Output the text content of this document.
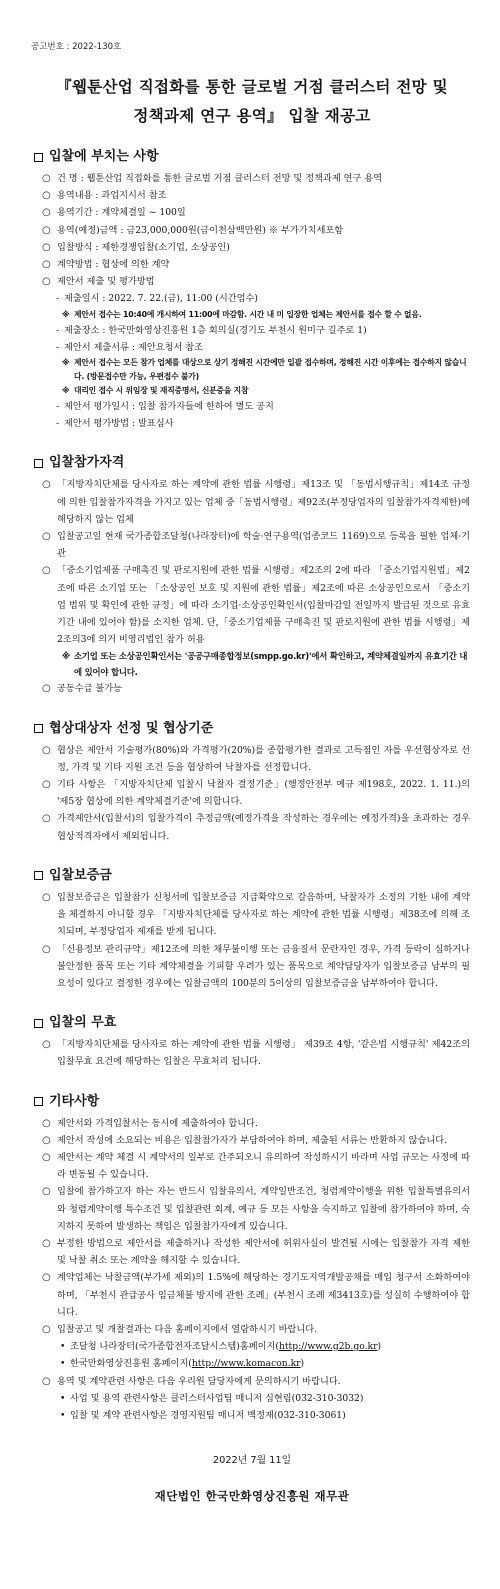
공고번호 : 2022-130호
『웹툰산업 직접화를 통한 글로벌 거점 클러스터 전망 및
정책과제 연구 용역』 입찰 재공고
입찰에 부치는 사항
○ 건 명 : 웹툰산업 직접화를 통한 글로벌 거점 클러스터 전망 및 정책과제 연구 용역
○ 용역내용 : 과업지시서 참조
○ 용역기간 : 계약체결일 ~ 100일
○ 용역(예정)금액 : 금23,000,000원(금이천삼백만원) ※ 부가가치세포함
○ 입찰방식 : 제한경쟁입찰(소기업, 소상공인)
○ 계약방법 : 협상에 의한 계약
○ 제안서 제출 및 평가방법
- 제출일시 : 2022. 7. 22.(금), 11:00 (시간엄수)
※ 제안서 접수는 10:40에 개시하여 11:00에 마감함. 시간 내 미 입장한 업체는 제안서를 접수 할 수 없음.
- 제출장소 : 한국만화영상진흥원 1층 회의실(경기도 부천시 원미구 길주로 1)
- 제안서 제출서류 : 제안요청서 참조
※ 제안서 접수는 모든 참가 업체를 대상으로 상기 정해진 시간에만 일괄 접수하며, 정해진 시간 이후에는 접수하지 않습니다. (방문접수만 가능, 우편접수 불가)
※ 대리인 접수 시 위임장 및 재직증명서, 신분증을 지참
- 제안서 평가일시 : 입찰 참가자들에 한하여 별도 공지
- 제안서 평가방법 : 발표심사
입찰참가자격
○ 「지방자치단체를 당사자로 하는 계약에 관한 법률 시행령」제13조 및 「동법시행규칙」제14조 규정에 의한 입찰참가자격을 가지고 있는 업체 중「동법시행령」제92조(부정당업자의 입찰참가자격제한)에 해당하지 않는 업체
○ 입찰공고일 현재 국가종합조달청(나라장터)에 학술·연구용역(업종코드 1169)으로 등록을 필한 업체·기관
○ 「중소기업제품 구매촉진 및 판로지원에 관한 법률 시행령」제2조의 2에 따라 「중소기업지원법」제2조에 따른 소기업 또는 「소상공인 보호 및 지원에 관한 법률」제2조에 따른 소상공인으로서 「중소기업 범위 및 확인에 관한 규정」에 따라 소기업·소상공인확인서(입찰마감일 전일까지 발급된 것으로 유효기간 내에 있어야 함)를 소지한 업체. 단,「중소기업제품 구매촉진 및 판로지원에 관한 법률 시행령」제2조의3에 의거 비영리법인 참가 허용
※ 소기업 또는 소상공인확인서는 '공공구매종합정보(smpp.go.kr)'에서 확인하고, 계약체결일까지 유효기간 내에 있어야 합니다.
○ 공동수급 불가능
협상대상자 선정 및 협상기준
○ 협상은 제안서 기술평가(80%)와 가격평가(20%)를 종합평가한 결과로 고득점인 자를 우선협상자로 선정, 가격 및 기타 지원 조건 등을 협상하여 낙찰자를 선정합니다.
○ 기타 사항은 「지방자치단체 입찰시 낙찰자 결정기준」(행정안전부 예규 제198호, 2022. 1. 11.)의 '제5장 협상에 의한 계약체결기준'에 의합니다.
○ 가격제안서(입찰서)의 입찰가격이 추정금액(예정가격을 작성하는 경우에는 예정가격)을 초과하는 경우 협상적격자에서 제외됩니다.
입찰보증금
○ 입찰보증금은 입찰참가 신청서에 입찰보증금 지급확약으로 갈음하며, 낙찰자가 소정의 기한 내에 계약을 체결하지 아니할 경우 「지방자치단체를 당사자로 하는 계약에 관한 법률 시행령」제38조에 의해 조치되며, 부정당업자 제재를 받게 됩니다.
○ 「신용정보 관리규약」제12조에 의한 채무불이행 또는 금융질서 문란자인 경우, 가격 등락이 심하거나 불안정한 품목 또는 기타 계약체결을 기피할 우려가 있는 품목으로 계약담당자가 입찰보증금 납부의 필요성이 있다고 결정한 경우에는 입찰금액의 100분의 5이상의 입찰보증금을 납부하여야 합니다.
입찰의 무효
○ 「지방자치단체를 당사자로 하는 계약에 관한 법률 시행령」 제39조 4항, '같은법 시행규칙' 제42조의 입찰무효 요건에 해당하는 입찰은 무효처리 됩니다.
기타사항
○ 제안서와 가격입찰서는 동시에 제출하여야 합니다.
○ 제안서 작성에 소요되는 비용은 입찰참가자가 부담하여야 하며, 제출된 서류는 반환하지 않습니다.
○ 제안서는 계약 체결 시 계약서의 일부로 간주되오니 유의하여 작성하시기 바라며 사업 규모는 사정에 따라 변동될 수 있습니다.
○ 입찰에 참가하고자 하는 자는 반드시 입찰유의서, 계약일반조건, 청렴계약이행을 위한 입찰특별유의서와 청렴계약이행 특수조건 및 입찰관련 회계, 예규 등 모든 사항을 숙지하고 입찰에 참가하여야 하며, 숙지하지 못하여 발생하는 책임은 입찰참가자에게 있습니다.
○ 부정한 방법으로 제안서를 제출하거나 작성한 제안서에 허위사실이 발견될 시에는 입찰참가 자격 제한 및 낙찰 취소 또는 계약을 해지할 수 있습니다.
○ 계약업체는 낙찰금액(부가세 제외)의 1.5%에 해당하는 경기도지역개발공채를 매입 청구서 소화하여야 하며, 「부천시 관급공사 임금체불 방지에 관한 조례」(부천시 조례 제3413호)를 성실히 수행하여야 합니다.
○ 입찰공고 및 개찰결과는 다음 홈페이지에서 열람하시기 바랍니다.
• 조달청 나라장터(국가종합전자조달시스템)홈페이지(http://www.g2b.go.kr)
• 한국만화영상진흥원 홈페이지(http://www.komacon.kr)
○ 용역 및 계약관련 사항은 다음 우리원 담당자에게 문의하시기 바랍니다.
• 사업 및 용역 관련사항은 클러스터사업팀 매니저 심현림(032-310-3032)
• 입찰 및 계약 관련사항은 경영지원팀 매니저 백정재(032-310-3061)
2022년 7월 11일
재단법인 한국만화영상진흥원 재무관
